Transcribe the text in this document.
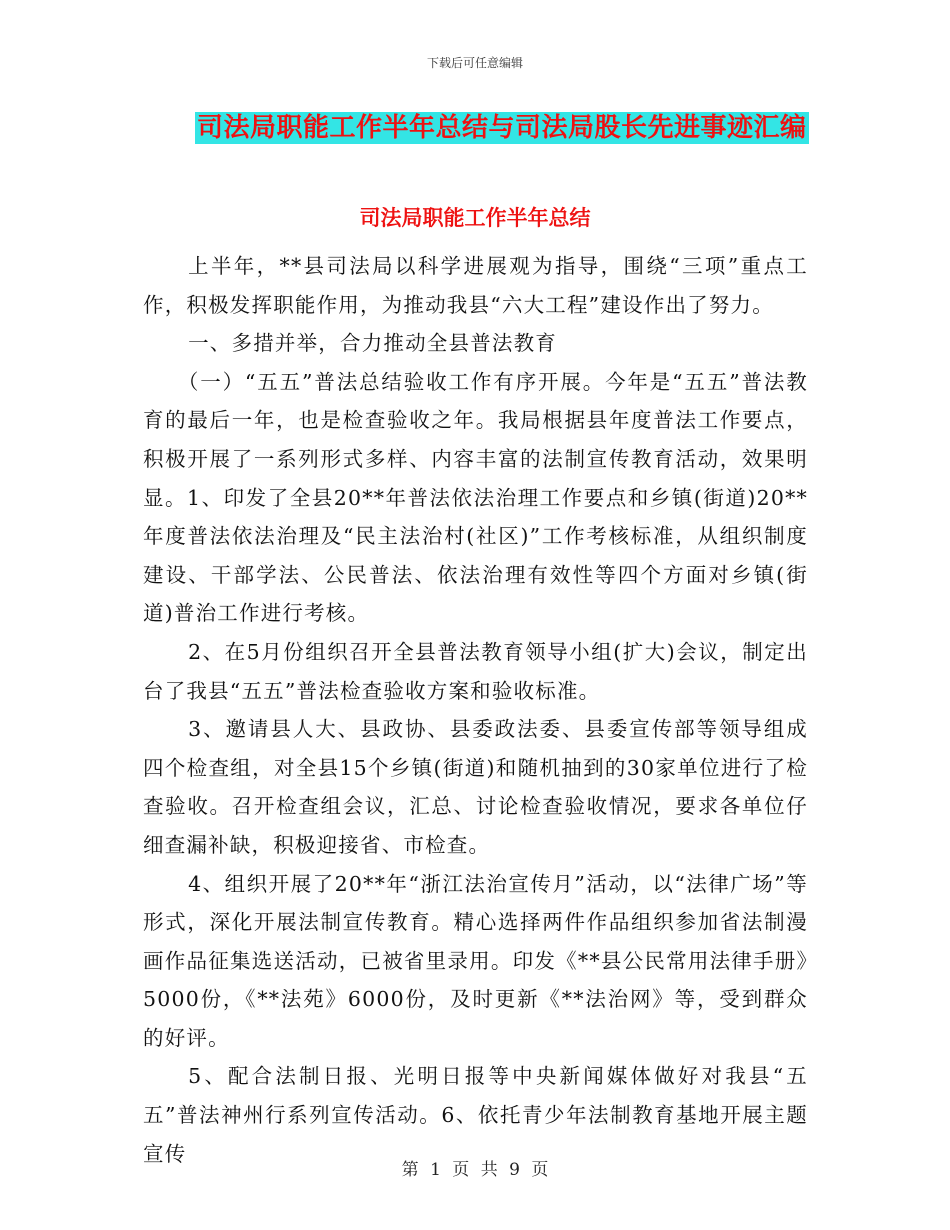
下载后可任意编辑
司法局职能工作半年总结与司法局股长先进事迹汇编
司法局职能工作半年总结

上半年，**县司法局以科学进展观为指导，围绕“三项”重点工作，积极发挥职能作用，为推动我县“六大工程”建设作出了努力。

一、多措并举，合力推动全县普法教育

（一）“五五”普法总结验收工作有序开展。今年是“五五”普法教育的最后一年，也是检查验收之年。我局根据县年度普法工作要点，积极开展了一系列形式多样、内容丰富的法制宣传教育活动，效果明显。1、印发了全县20**年普法依法治理工作要点和乡镇(街道)20**年度普法依法治理及“民主法治村(社区)”工作考核标准，从组织制度建设、干部学法、公民普法、依法治理有效性等四个方面对乡镇(街道)普治工作进行考核。

2、在5月份组织召开全县普法教育领导小组(扩大)会议，制定出台了我县“五五”普法检查验收方案和验收标准。

3、邀请县人大、县政协、县委政法委、县委宣传部等领导组成四个检查组，对全县15个乡镇(街道)和随机抽到的30家单位进行了检查验收。召开检查组会议，汇总、讨论检查验收情况，要求各单位仔细查漏补缺，积极迎接省、市检查。

4、组织开展了20**年“浙江法治宣传月”活动，以“法律广场”等形式，深化开展法制宣传教育。精心选择两件作品组织参加省法制漫画作品征集选送活动，已被省里录用。印发《**县公民常用法律手册》5000份，《**法苑》6000份，及时更新《**法治网》等，受到群众的好评。

5、配合法制日报、光明日报等中央新闻媒体做好对我县“五五”普法神州行系列宣传活动。6、依托青少年法制教育基地开展主题宣传

第 1 页 共 9 页
